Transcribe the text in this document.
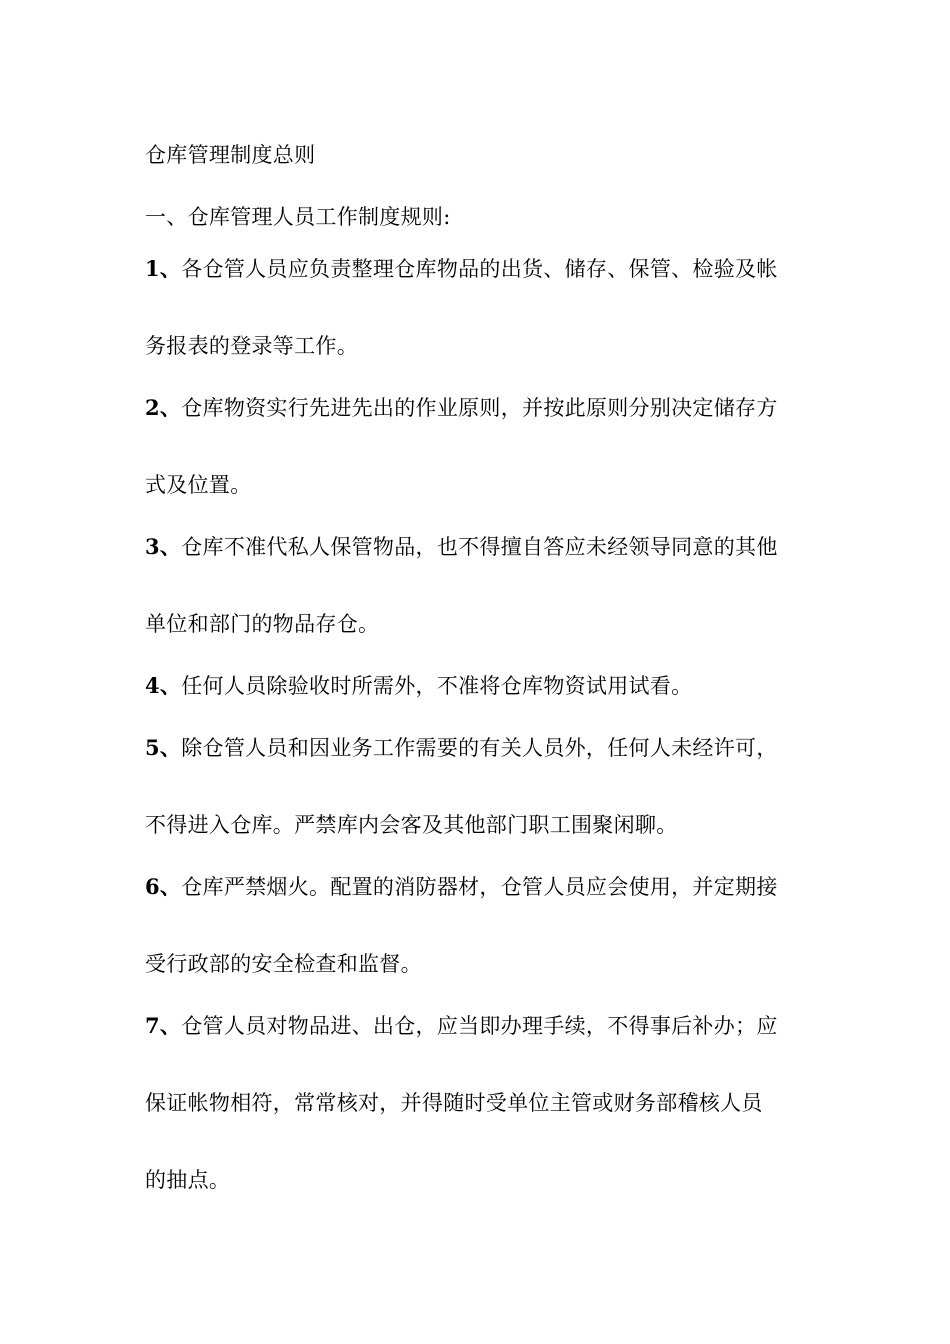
仓库管理制度总则
一、仓库管理人员工作制度规则:
1、各仓管人员应负责整理仓库物品的出货、储存、保管、检验及帐
务报表的登录等工作。
2、仓库物资实行先进先出的作业原则，并按此原则分别决定储存方
式及位置。
3、仓库不准代私人保管物品，也不得擅自答应未经领导同意的其他
单位和部门的物品存仓。
4、任何人员除验收时所需外，不准将仓库物资试用试看。
5、除仓管人员和因业务工作需要的有关人员外，任何人未经许可，
不得进入仓库。严禁库内会客及其他部门职工围聚闲聊。
6、仓库严禁烟火。配置的消防器材，仓管人员应会使用，并定期接
受行政部的安全检查和监督。
7、仓管人员对物品进、出仓，应当即办理手续，不得事后补办；应
保证帐物相符，常常核对，并得随时受单位主管或财务部稽核人员
的抽点。
